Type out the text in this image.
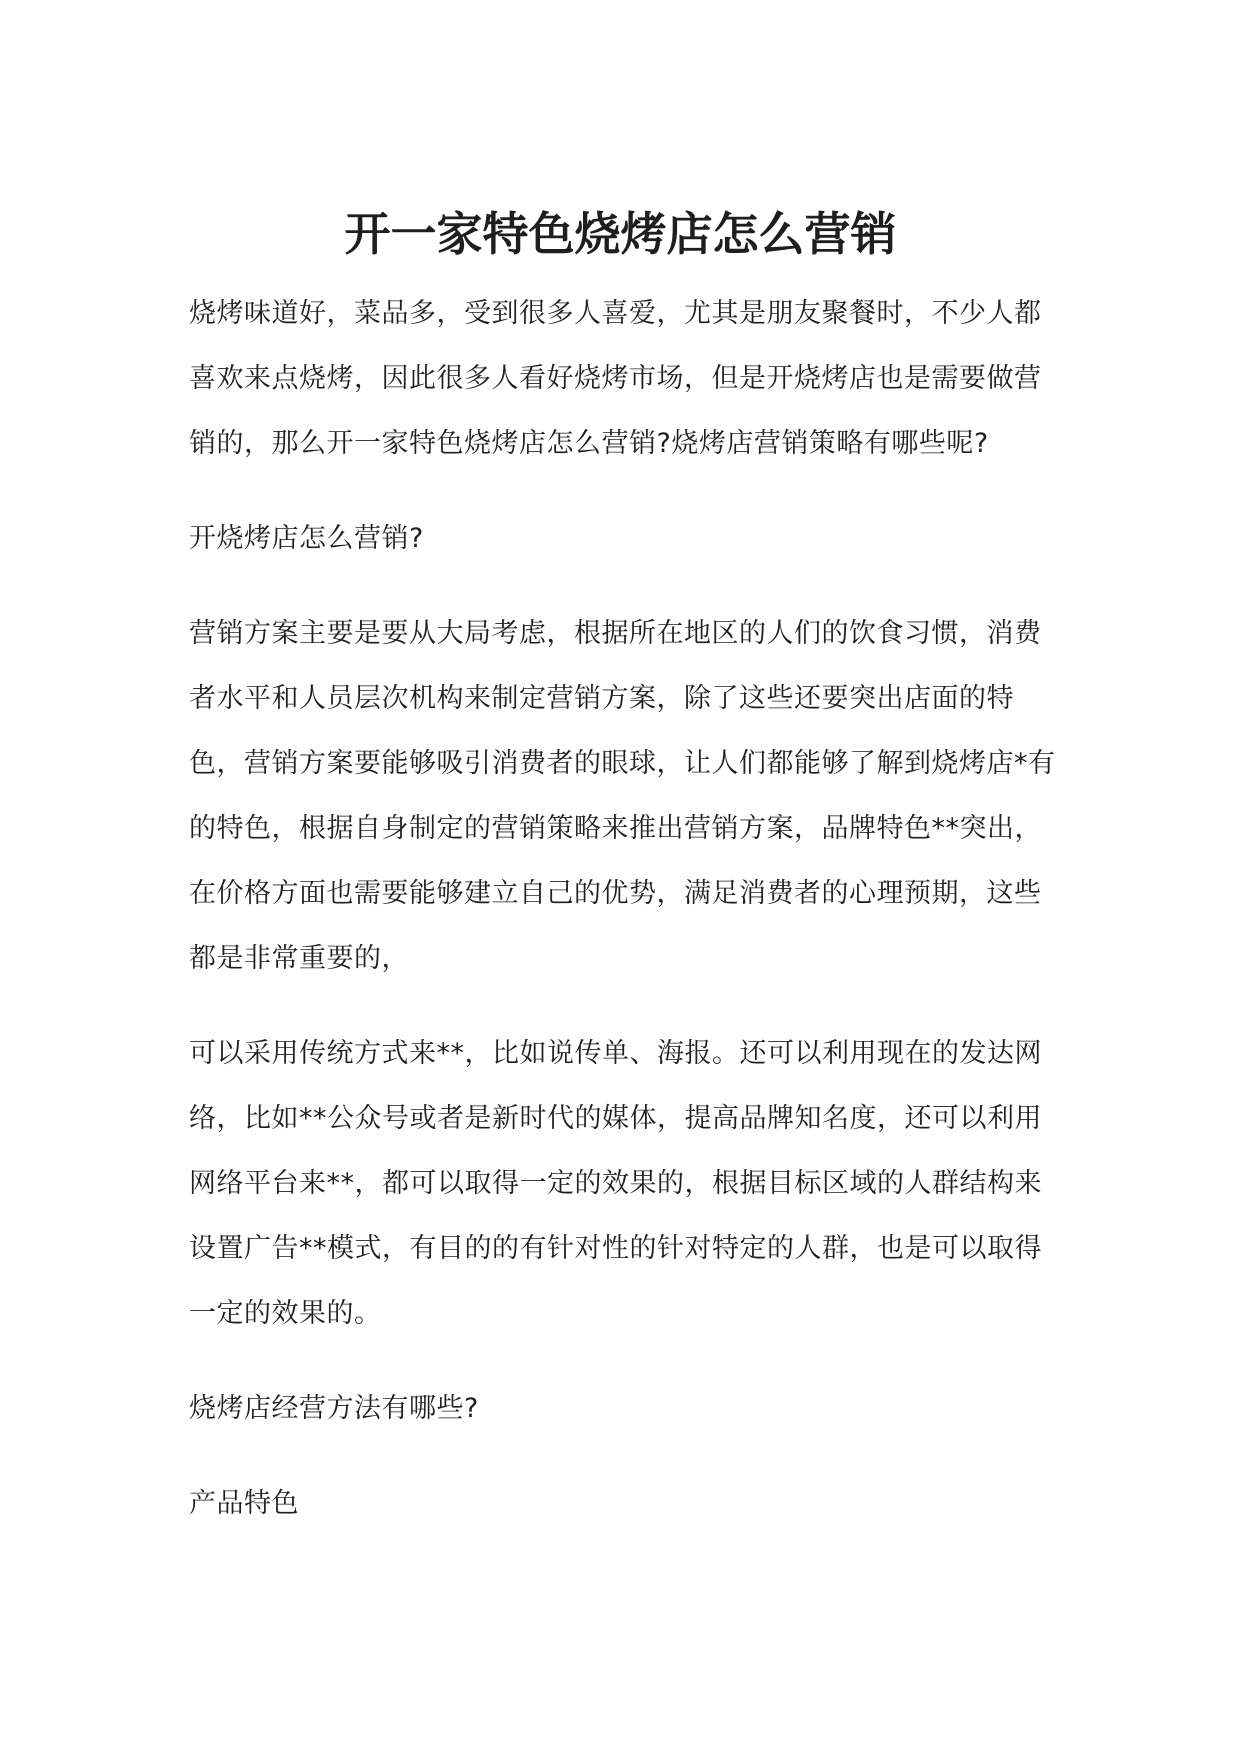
开一家特色烧烤店怎么营销

烧烤味道好，菜品多，受到很多人喜爱，尤其是朋友聚餐时，不少人都喜欢来点烧烤，因此很多人看好烧烤市场，但是开烧烤店也是需要做营销的，那么开一家特色烧烤店怎么营销?烧烤店营销策略有哪些呢?

开烧烤店怎么营销?

营销方案主要是要从大局考虑，根据所在地区的人们的饮食习惯，消费者水平和人员层次机构来制定营销方案，除了这些还要突出店面的特色，营销方案要能够吸引消费者的眼球，让人们都能够了解到烧烤店*有的特色，根据自身制定的营销策略来推出营销方案，品牌特色**突出，在价格方面也需要能够建立自己的优势，满足消费者的心理预期，这些都是非常重要的，

可以采用传统方式来**，比如说传单、海报。还可以利用现在的发达网络，比如**公众号或者是新时代的媒体，提高品牌知名度，还可以利用网络平台来**，都可以取得一定的效果的，根据目标区域的人群结构来设置广告**模式，有目的的有针对性的针对特定的人群，也是可以取得一定的效果的。

烧烤店经营方法有哪些?

产品特色
